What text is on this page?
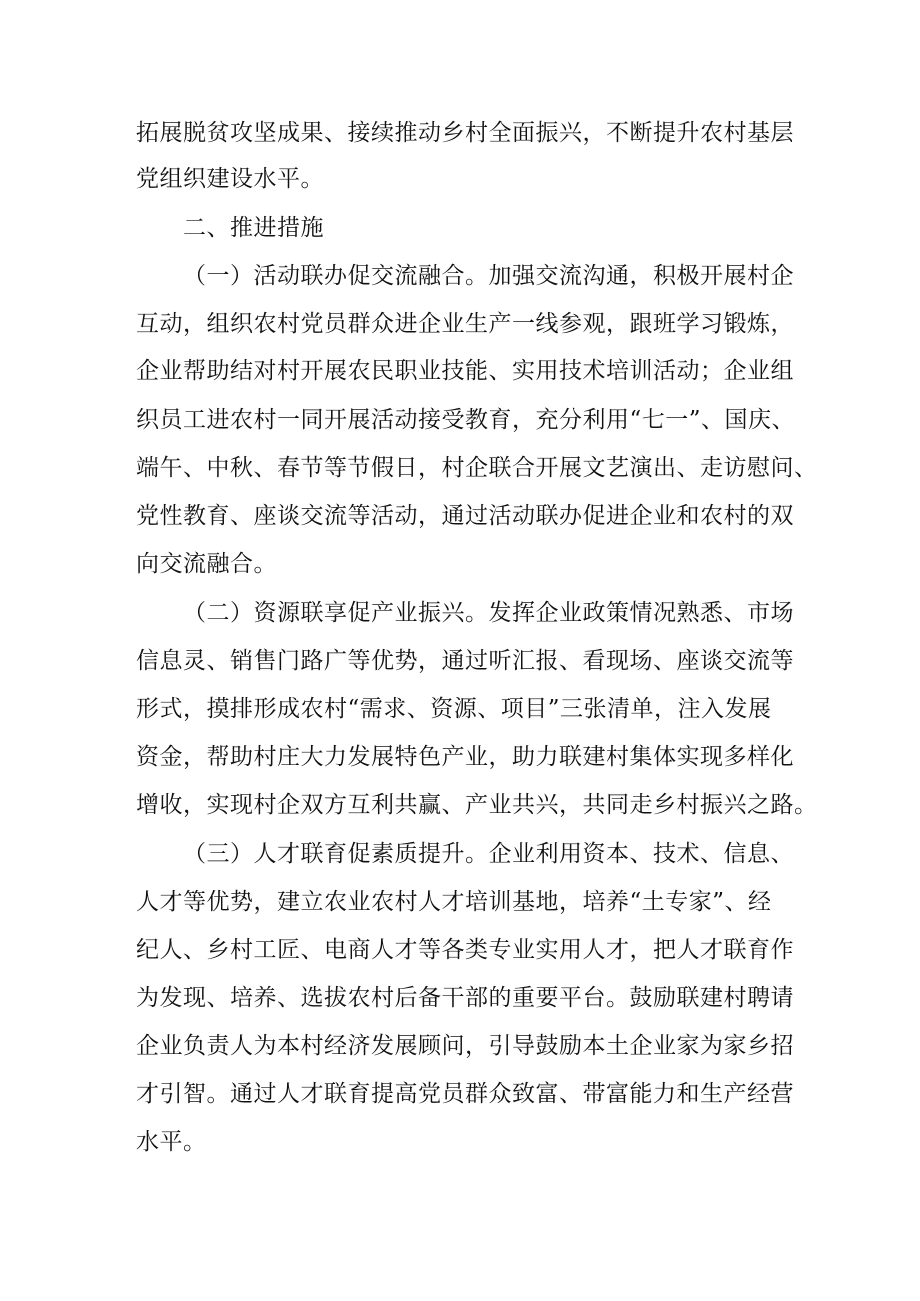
拓展脱贫攻坚成果、接续推动乡村全面振兴，不断提升农村基层
党组织建设水平。
二、推进措施
（一）活动联办促交流融合。加强交流沟通，积极开展村企
互动，组织农村党员群众进企业生产一线参观，跟班学习锻炼，
企业帮助结对村开展农民职业技能、实用技术培训活动；企业组
织员工进农村一同开展活动接受教育，充分利用“七一”、国庆、
端午、中秋、春节等节假日，村企联合开展文艺演出、走访慰问、
党性教育、座谈交流等活动，通过活动联办促进企业和农村的双
向交流融合。
（二）资源联享促产业振兴。发挥企业政策情况熟悉、市场
信息灵、销售门路广等优势，通过听汇报、看现场、座谈交流等
形式，摸排形成农村“需求、资源、项目”三张清单，注入发展
资金，帮助村庄大力发展特色产业，助力联建村集体实现多样化
增收，实现村企双方互利共赢、产业共兴，共同走乡村振兴之路。
（三）人才联育促素质提升。企业利用资本、技术、信息、
人才等优势，建立农业农村人才培训基地，培养“土专家”、经
纪人、乡村工匠、电商人才等各类专业实用人才，把人才联育作
为发现、培养、选拔农村后备干部的重要平台。鼓励联建村聘请
企业负责人为本村经济发展顾问，引导鼓励本土企业家为家乡招
才引智。通过人才联育提高党员群众致富、带富能力和生产经营
水平。
